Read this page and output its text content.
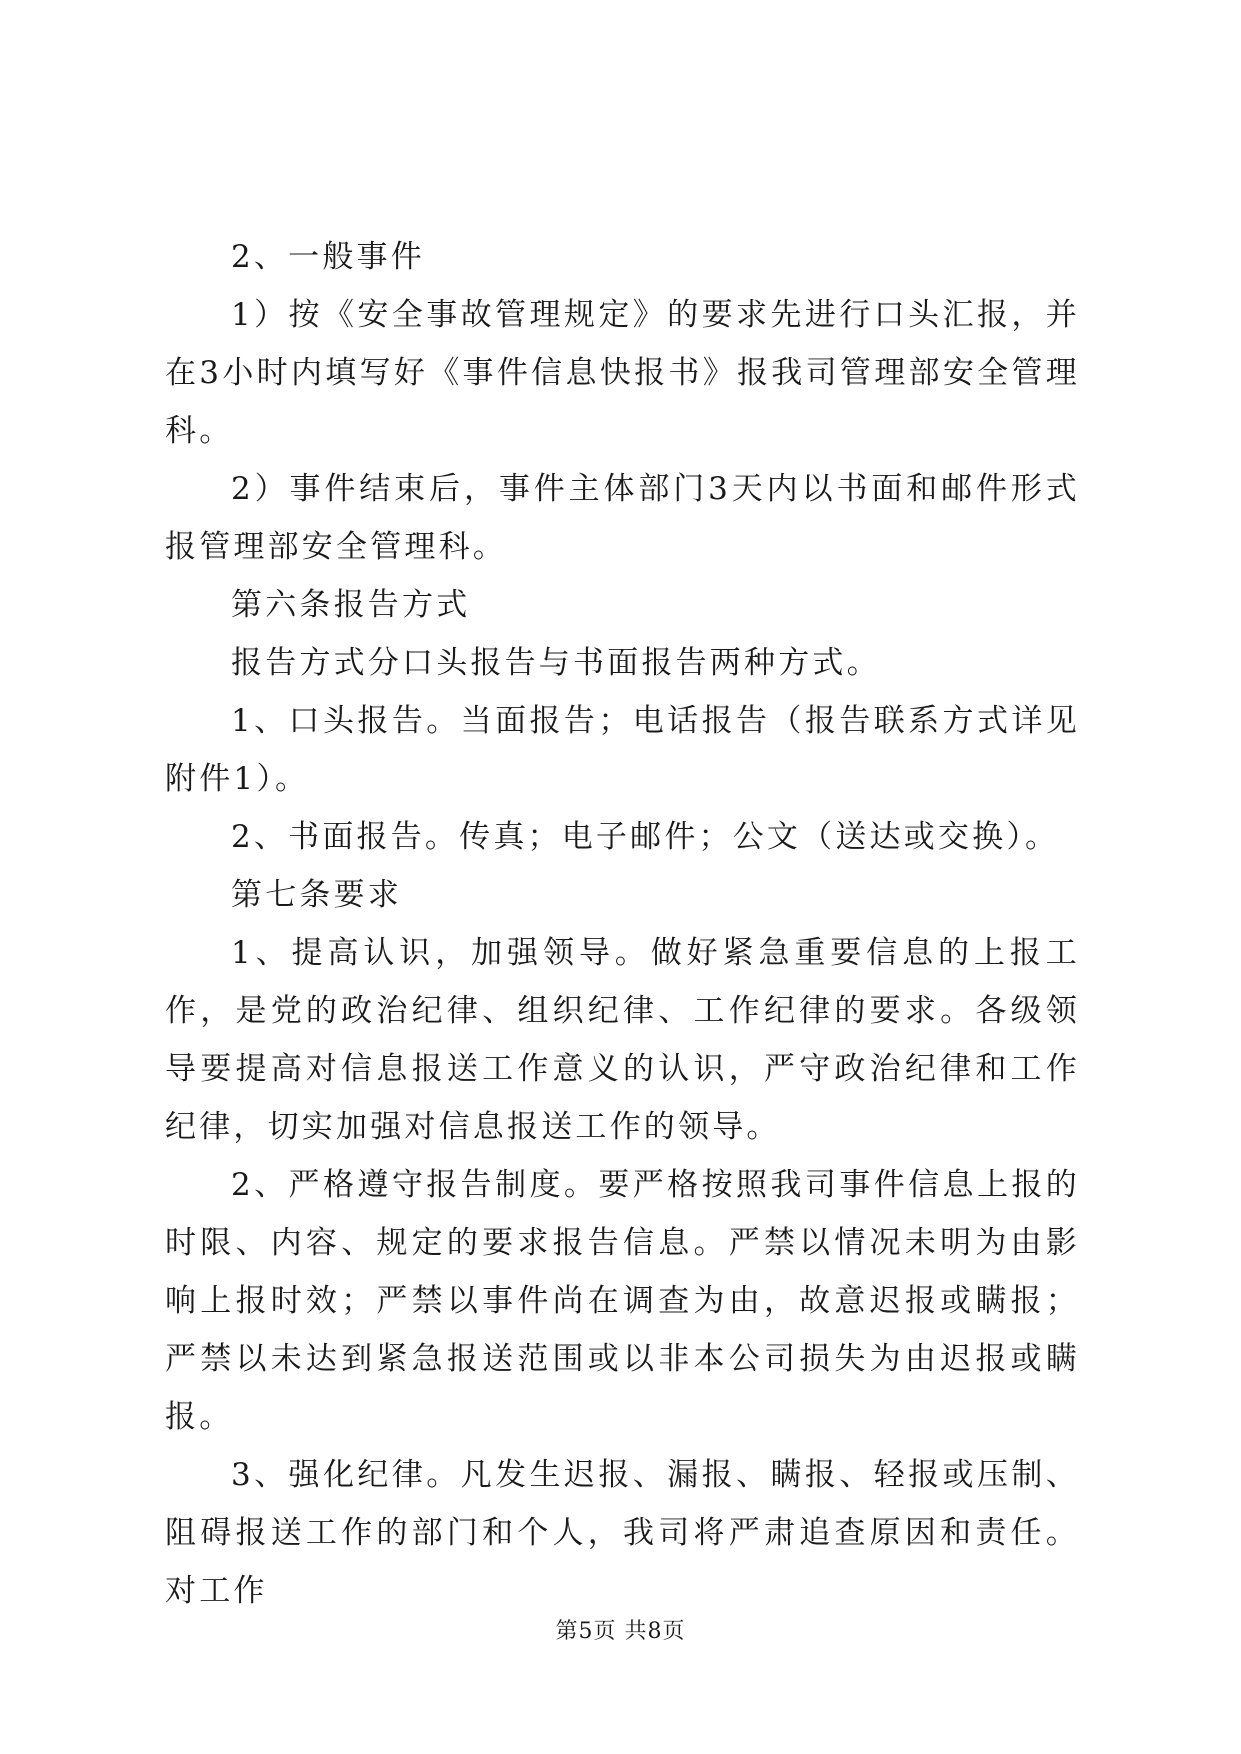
2、一般事件

1）按《安全事故管理规定》的要求先进行口头汇报，并在3小时内填写好《事件信息快报书》报我司管理部安全管理科。

2）事件结束后，事件主体部门3天内以书面和邮件形式报管理部安全管理科。

第六条报告方式

报告方式分口头报告与书面报告两种方式。

1、口头报告。当面报告；电话报告（报告联系方式详见附件1）。

2、书面报告。传真；电子邮件；公文（送达或交换）。

第七条要求

1、提高认识，加强领导。做好紧急重要信息的上报工作，是党的政治纪律、组织纪律、工作纪律的要求。各级领导要提高对信息报送工作意义的认识，严守政治纪律和工作纪律，切实加强对信息报送工作的领导。

2、严格遵守报告制度。要严格按照我司事件信息上报的时限、内容、规定的要求报告信息。严禁以情况未明为由影响上报时效；严禁以事件尚在调查为由，故意迟报或瞒报；严禁以未达到紧急报送范围或以非本公司损失为由迟报或瞒报。

3、强化纪律。凡发生迟报、漏报、瞒报、轻报或压制、阻碍报送工作的部门和个人，我司将严肃追查原因和责任。对工作

第5页 共8页
